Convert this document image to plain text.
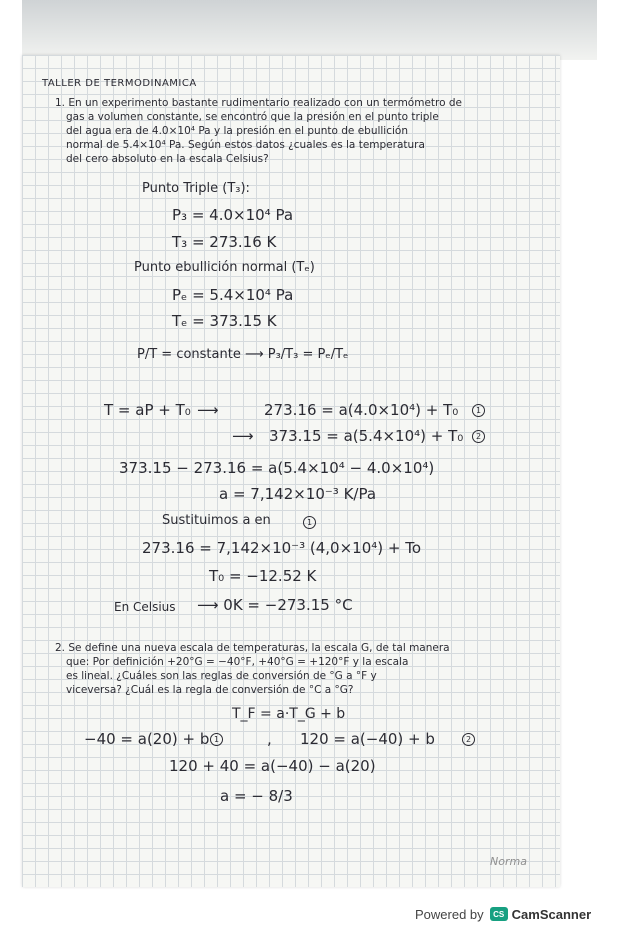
TALLER DE TERMODINAMICA

1. En un experimento bastante rudimentario realizado con un termómetro de

gas a volumen constante, se encontró que la presión en el punto triple

del agua era de 4.0×10⁴ Pa y la presión en el punto de ebullición

normal de 5.4×10⁴ Pa. Según estos datos ¿cuales es la temperatura

del cero absoluto en la escala Celsius?

Punto Triple (T₃):

P₃ = 4.0×10⁴ Pa

T₃ = 273.16 K

Punto ebullición normal (Tₑ)

Pₑ = 5.4×10⁴ Pa

Tₑ = 373.15 K

P/T = constante ⟶ P₃/T₃ = Pₑ/Tₑ

T = aP + T₀ ⟶	273.16 = a(4.0×10⁴) + T₀	1

⟶ 373.15 = a(5.4×10⁴) + T₀	2

373.15 − 273.16 = a(5.4×10⁴ − 4.0×10⁴)

a = 7,142×10⁻³ K/Pa

Sustituimos a en	1

273.16 = 7,142×10⁻³ (4,0×10⁴) + To

T₀ = −12.52 K

En Celsius ⟶ 0K = −273.15 °C

2. Se define una nueva escala de temperaturas, la escala G, de tal manera

que: Por definición +20°G = −40°F, +40°G = +120°F y la escala

es lineal. ¿Cuáles son las reglas de conversión de °G a °F y

viceversa? ¿Cuál es la regla de conversión de °C a °G?

T_F = a·T_G + b

−40 = a(20) + b 1	, 120 = a(−40) + b	2

120 + 40 = a(−40) − a(20)

a = − 8/3

Norma

Powered by	CS CamScanner
